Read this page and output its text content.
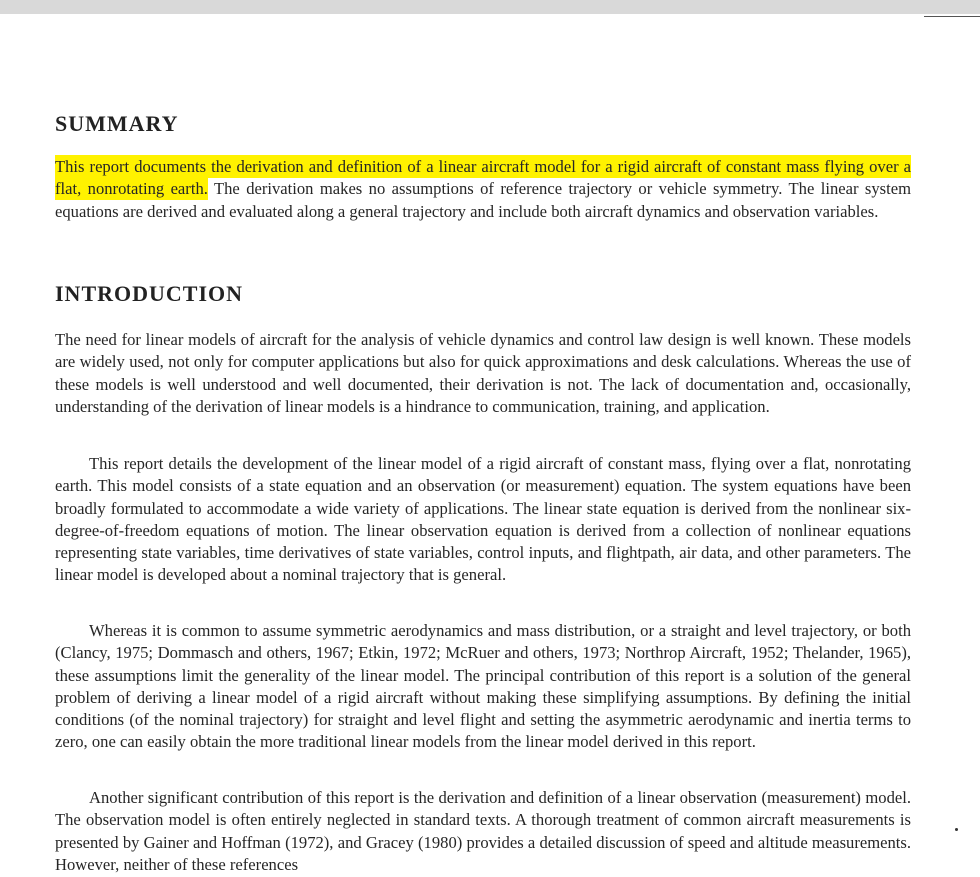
SUMMARY

This report documents the derivation and definition of a linear aircraft model for a rigid aircraft of constant mass flying over a flat, nonrotating earth. The derivation makes no assumptions of reference trajectory or vehicle symmetry. The linear system equations are derived and evaluated along a general trajectory and include both aircraft dynamics and observation variables.

INTRODUCTION

The need for linear models of aircraft for the analysis of vehicle dynamics and control law design is well known. These models are widely used, not only for computer applications but also for quick approximations and desk calculations. Whereas the use of these models is well understood and well documented, their derivation is not. The lack of documentation and, occasionally, understanding of the derivation of linear models is a hindrance to communication, training, and application.

This report details the development of the linear model of a rigid aircraft of constant mass, flying over a flat, nonrotating earth. This model consists of a state equation and an observation (or measurement) equation. The system equations have been broadly formulated to accommodate a wide variety of applications. The linear state equation is derived from the nonlinear six-degree-of-freedom equations of motion. The linear observation equation is derived from a collection of nonlinear equations representing state variables, time derivatives of state variables, control inputs, and flightpath, air data, and other parameters. The linear model is developed about a nominal trajectory that is general.

Whereas it is common to assume symmetric aerodynamics and mass distribution, or a straight and level trajectory, or both (Clancy, 1975; Dommasch and others, 1967; Etkin, 1972; McRuer and others, 1973; Northrop Aircraft, 1952; Thelander, 1965), these assumptions limit the generality of the linear model. The principal contribution of this report is a solution of the general problem of deriving a linear model of a rigid aircraft without making these simplifying assumptions. By defining the initial conditions (of the nominal trajectory) for straight and level flight and setting the asymmetric aerodynamic and inertia terms to zero, one can easily obtain the more traditional linear models from the linear model derived in this report.

Another significant contribution of this report is the derivation and definition of a linear observation (measurement) model. The observation model is often entirely neglected in standard texts. A thorough treatment of common aircraft measurements is presented by Gainer and Hoffman (1972), and Gracey (1980) provides a detailed discussion of speed and altitude measurements. However, neither of these references
